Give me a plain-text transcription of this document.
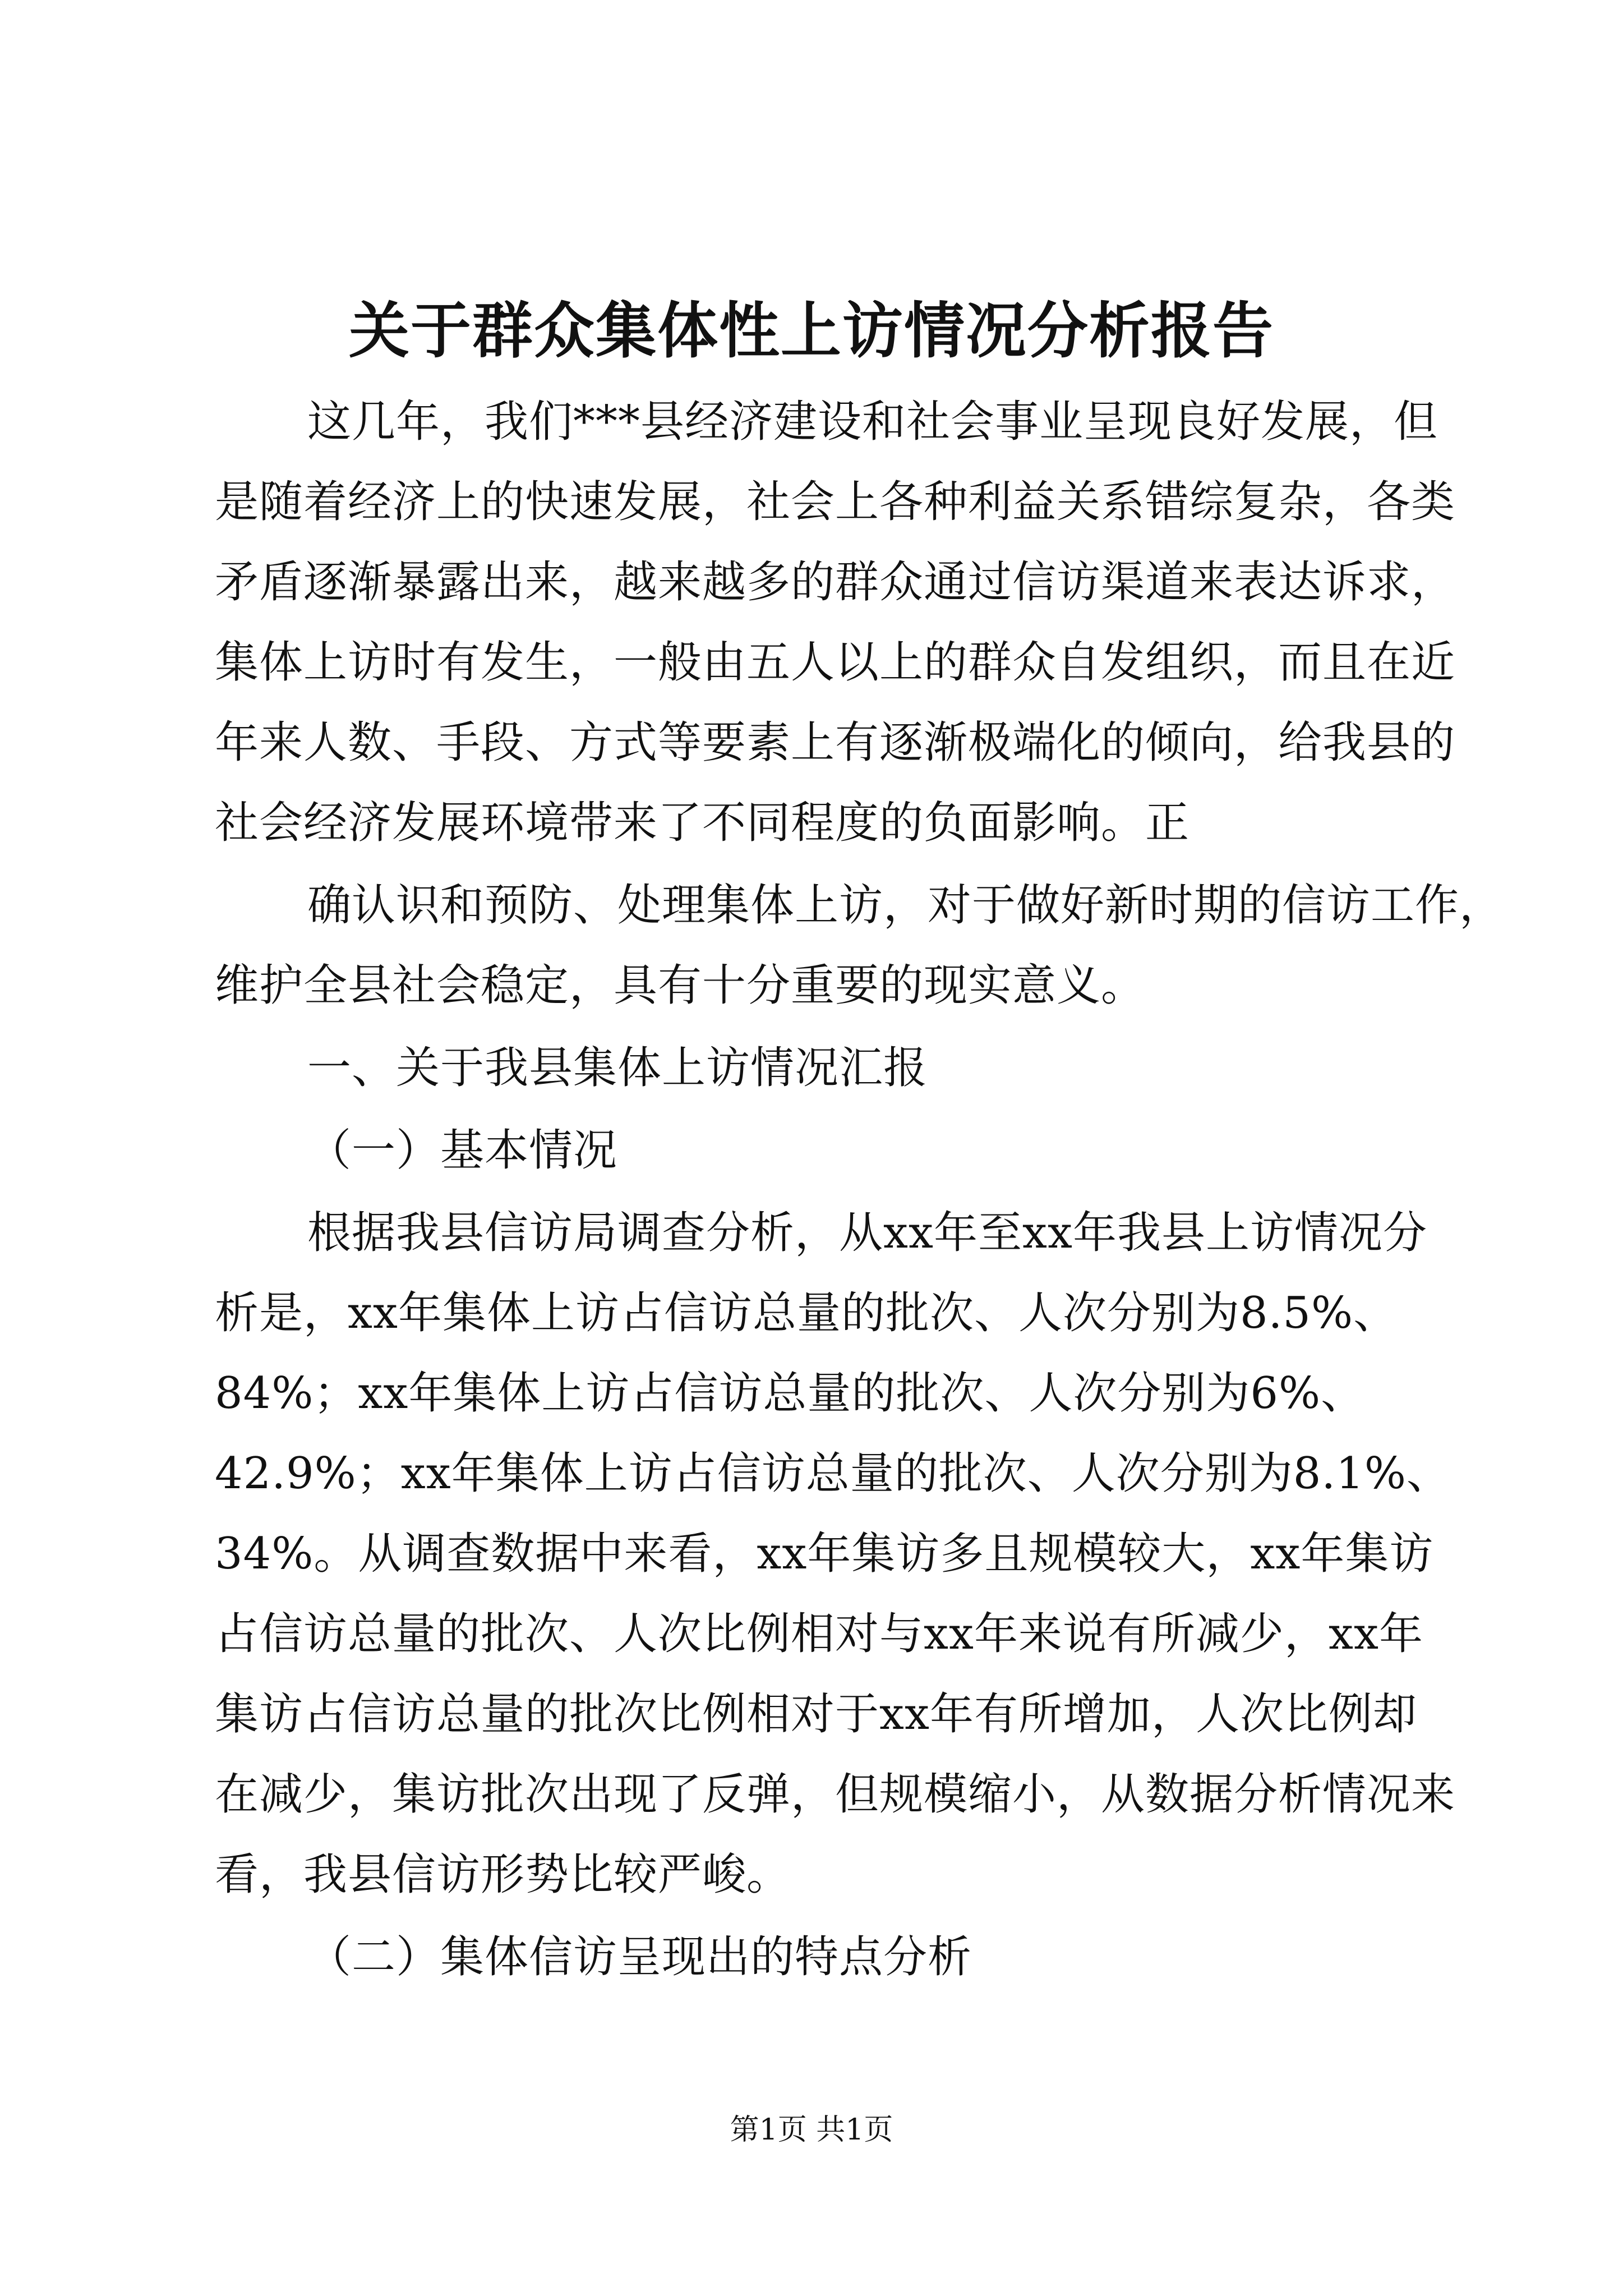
关于群众集体性上访情况分析报告
这几年，我们***县经济建设和社会事业呈现良好发展，但
是随着经济上的快速发展，社会上各种利益关系错综复杂，各类
矛盾逐渐暴露出来，越来越多的群众通过信访渠道来表达诉求，
集体上访时有发生，一般由五人以上的群众自发组织，而且在近
年来人数、手段、方式等要素上有逐渐极端化的倾向，给我县的
社会经济发展环境带来了不同程度的负面影响。正
确认识和预防、处理集体上访，对于做好新时期的信访工作，
维护全县社会稳定，具有十分重要的现实意义。
一、关于我县集体上访情况汇报
（一）基本情况
根据我县信访局调查分析，从xx年至xx年我县上访情况分
析是，xx年集体上访占信访总量的批次、人次分别为8.5%、
84%；xx年集体上访占信访总量的批次、人次分别为6%、
42.9%；xx年集体上访占信访总量的批次、人次分别为8.1%、
34%。从调查数据中来看，xx年集访多且规模较大，xx年集访
占信访总量的批次、人次比例相对与xx年来说有所减少，xx年
集访占信访总量的批次比例相对于xx年有所增加，人次比例却
在减少，集访批次出现了反弹，但规模缩小，从数据分析情况来
看，我县信访形势比较严峻。
（二）集体信访呈现出的特点分析
第1页 共1页
